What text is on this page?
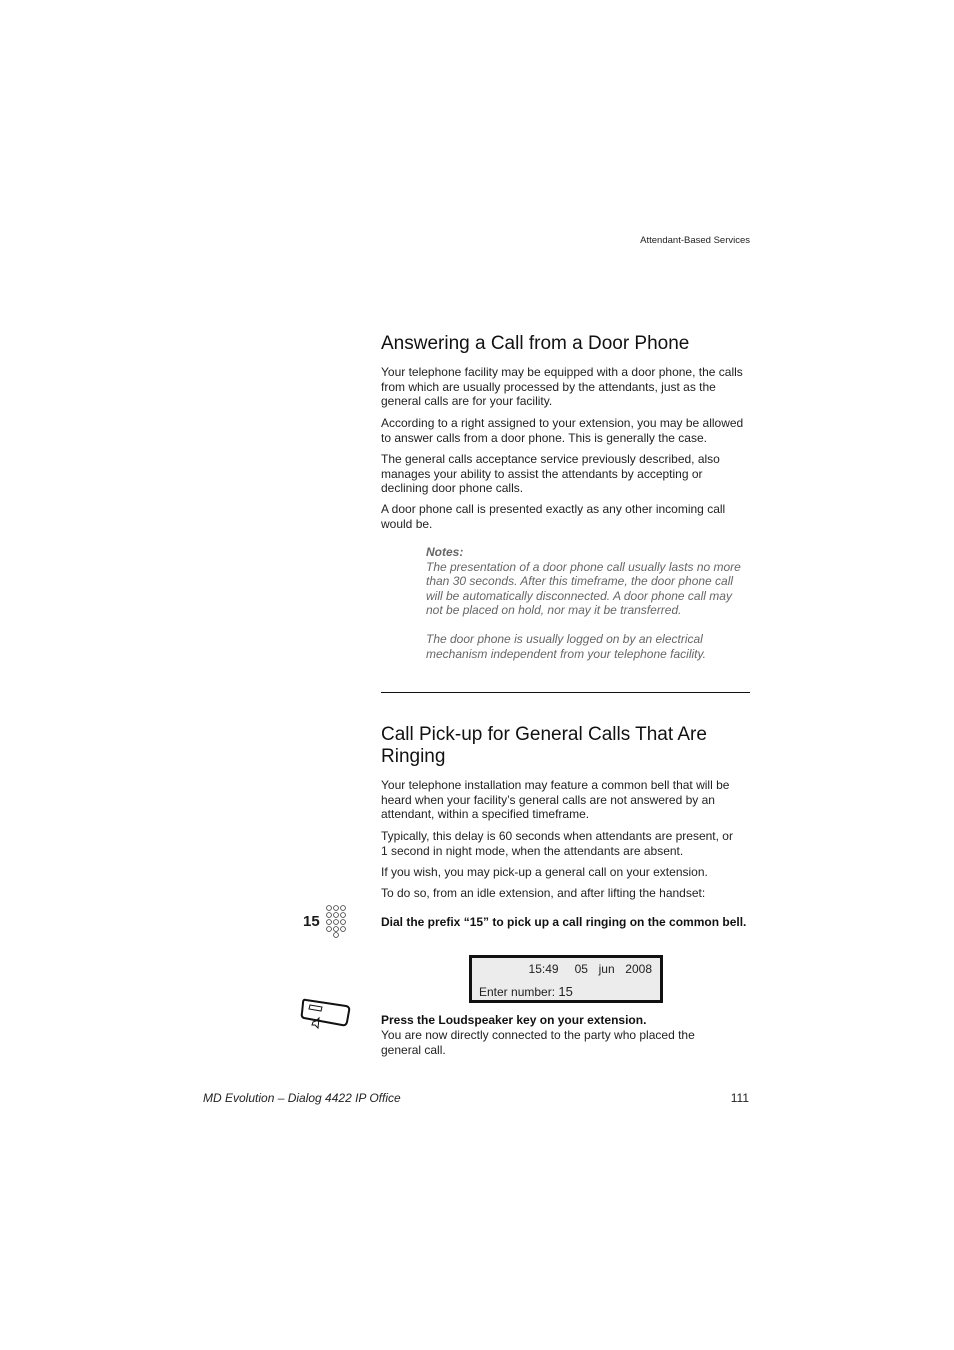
Attendant-Based Services
Answering a Call from a Door Phone

Your telephone facility may be equipped with a door phone, the calls from which are usually processed by the attendants, just as the general calls are for your facility.

According to a right assigned to your extension, you may be allowed to answer calls from a door phone. This is generally the case.

The general calls acceptance service previously described, also manages your ability to assist the attendants by accepting or declining door phone calls.

A door phone call is presented exactly as any other incoming call would be.

Notes:

The presentation of a door phone call usually lasts no more than 30 seconds. After this timeframe, the door phone call will be automatically disconnected. A door phone call may not be placed on hold, nor may it be transferred.

The door phone is usually logged on by an electrical mechanism independent from your telephone facility.

Call Pick-up for General Calls That Are Ringing

Your telephone installation may feature a common bell that will be heard when your facility’s general calls are not answered by an attendant, within a specified timeframe.

Typically, this delay is 60 seconds when attendants are present, or 1 second in night mode, when the attendants are absent.

If you wish, you may pick-up a general call on your extension.

To do so, from an idle extension, and after lifting the handset:

15	Dial the prefix “15” to pick up a call ringing on the common bell.

15:49 05  jun  2008
Enter number: 15

Press the Loudspeaker key on your extension.

You are now directly connected to the party who placed the general call.

MD Evolution – Dialog 4422 IP Office	111
